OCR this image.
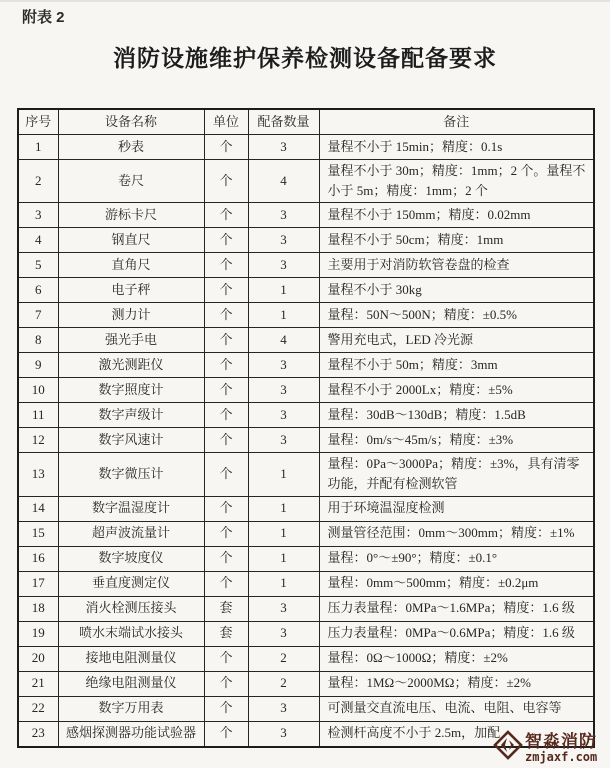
附表 2
消防设施维护保养检测设备配备要求
序号	设备名称	单位	配备数量	备注
1	秒表	个	3	量程不小于 15min；精度：0.1s
2	卷尺	个	4	量程不小于 30m；精度：1mm；2 个。量程不小于 5m；精度：1mm；2 个
3	游标卡尺	个	3	量程不小于 150mm；精度：0.02mm
4	钢直尺	个	3	量程不小于 50cm；精度：1mm
5	直角尺	个	3	主要用于对消防软管卷盘的检查
6	电子秤	个	1	量程不小于 30kg
7	测力计	个	1	量程：50N～500N；精度：±0.5%
8	强光手电	个	4	警用充电式，LED 冷光源
9	激光测距仪	个	3	量程不小于 50m；精度：3mm
10	数字照度计	个	3	量程不小于 2000Lx；精度：±5%
11	数字声级计	个	3	量程：30dB～130dB；精度：1.5dB
12	数字风速计	个	3	量程：0m/s～45m/s；精度：±3%
13	数字微压计	个	1	量程：0Pa～3000Pa；精度：±3%，具有清零功能，并配有检测软管
14	数字温湿度计	个	1	用于环境温湿度检测
15	超声波流量计	个	1	测量管径范围：0mm～300mm；精度：±1%
16	数字坡度仪	个	1	量程：0°～±90°；精度：±0.1°
17	垂直度测定仪	个	1	量程：0mm～500mm；精度：±0.2μm
18	消火栓测压接头	套	3	压力表量程：0MPa～1.6MPa；精度：1.6 级
19	喷水末端试水接头	套	3	压力表量程：0MPa～0.6MPa；精度：1.6 级
20	接地电阻测量仪	个	2	量程：0Ω～1000Ω；精度：±2%
21	绝缘电阻测量仪	个	2	量程：1MΩ～2000MΩ；精度：±2%
22	数字万用表	个	3	可测量交直流电压、电流、电阻、电容等
23	感烟探测器功能试验器	个	3	检测杆高度不小于 2.5m，加配 智淼消防
zmjaxf.com
